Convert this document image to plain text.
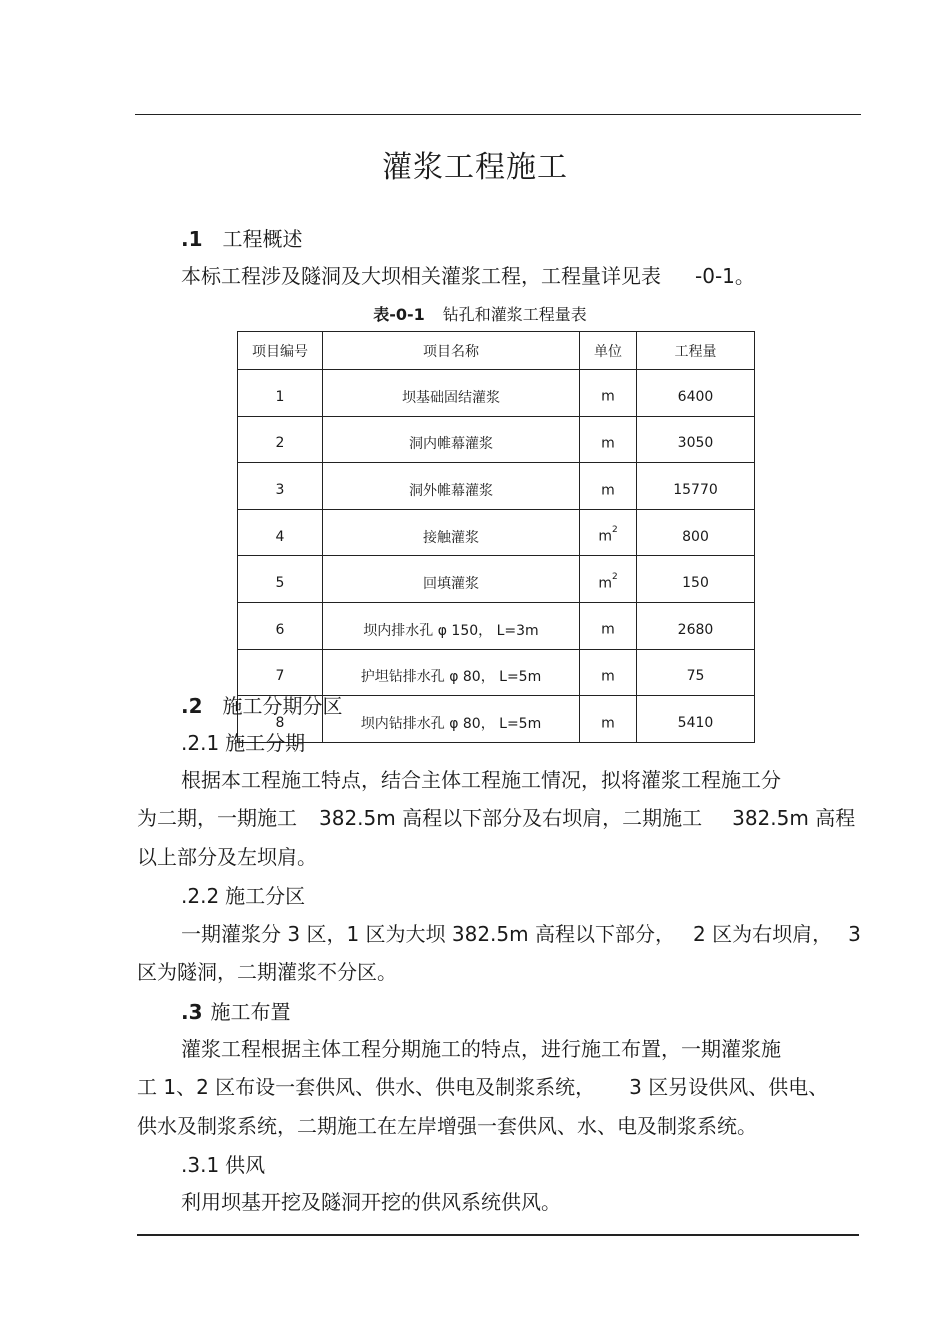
灌浆工程施工
.1 工程概述
本标工程涉及隧洞及大坝相关灌浆工程，工程量详见表 -0-1。
表-0-1 钻孔和灌浆工程量表
项目编号	项目名称	单位	工程量
1	坝基础固结灌浆	m	6400
2	洞内帷幕灌浆	m	3050
3	洞外帷幕灌浆	m	15770
4	接触灌浆	$m^2$	800
5	回填灌浆	$m^2$	150
6	坝内排水孔 φ 150， L=3m	m	2680
7	护坦钻排水孔 φ 80， L=5m	m	75
8	坝内钻排水孔 φ 80， L=5m	m	5410
.2 施工分期分区
.2.1 施工分期
根据本工程施工特点，结合主体工程施工情况，拟将灌浆工程施工分
为二期，一期施工 382.5m 高程以下部分及右坝肩，二期施工 382.5m 高程
以上部分及左坝肩。
.2.2 施工分区
一期灌浆分 3 区，1 区为大坝 382.5m 高程以下部分， 2 区为右坝肩， 3
区为隧洞，二期灌浆不分区。
.3 施工布置
灌浆工程根据主体工程分期施工的特点，进行施工布置，一期灌浆施
工 1、2 区布设一套供风、供水、供电及制浆系统， 3 区另设供风、供电、
供水及制浆系统，二期施工在左岸增强一套供风、水、电及制浆系统。
.3.1 供风
利用坝基开挖及隧洞开挖的供风系统供风。
